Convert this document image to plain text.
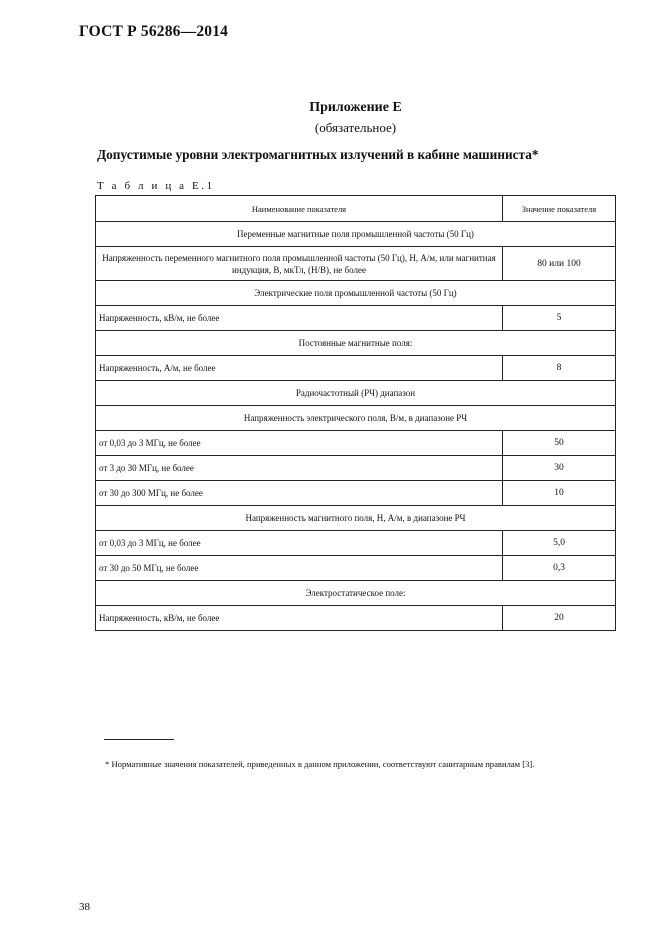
ГОСТ Р 56286—2014
Приложение Е
(обязательное)
Допустимые уровни электромагнитных излучений в кабине машиниста*
Т а б л и ц а Е.1
Наименование показателя	Значение показателя
Переменные магнитные поля промышленной частоты (50 Гц)	
Напряженность переменного магнитного поля промышленной частоты (50 Гц), Н, А/м, или магнитная индукция, В, мкТл, (Н/В), не более	80 или 100
Электрические поля промышленной частоты (50 Гц)	
Напряженность, кВ/м, не более	5
Постоянные магнитные поля:	
Напряженность, А/м, не более	8
Радиочастотный (РЧ) диапазон	
Напряженность электрического поля, В/м, в диапазоне РЧ	
от 0,03 до 3 МГц, не более	50
от 3 до 30 МГц, не более	30
от 30 до 300 МГц, не более	10
Напряженность магнитного поля, Н, А/м, в диапазоне РЧ	
от 0,03 до 3 МГц, не более	5,0
от 30 до 50 МГц, не более	0,3
Электростатическое поле:	
Напряженность, кВ/м, не более	20
* Нормативные значения показателей, приведенных в данном приложении, соответствуют санитарным правилам [3].
38
